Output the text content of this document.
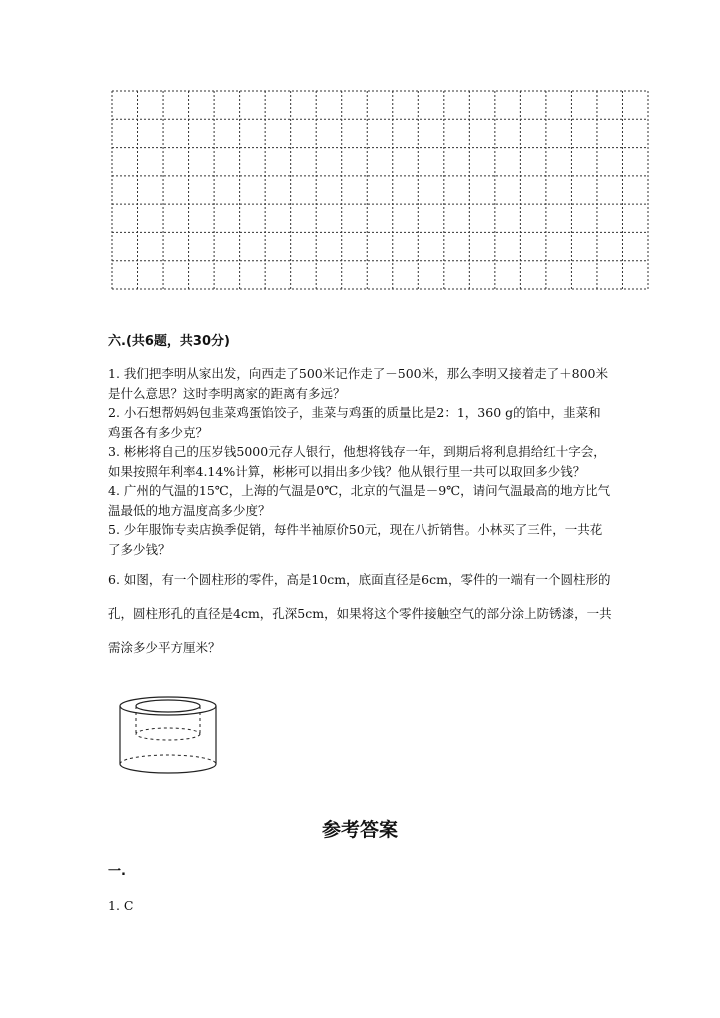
六.(共6题，共30分)

1. 我们把李明从家出发，向西走了500米记作走了－500米，那么李明又接着走了＋800米是什么意思？这时李明离家的距离有多远？

2. 小石想帮妈妈包韭菜鸡蛋馅饺子，韭菜与鸡蛋的质量比是2：1，360 g的馅中，韭菜和鸡蛋各有多少克？

3. 彬彬将自己的压岁钱5000元存人银行，他想将钱存一年，到期后将利息捐给红十字会，如果按照年利率4.14%计算，彬彬可以捐出多少钱？他从银行里一共可以取回多少钱？

4. 广州的气温的15℃，上海的气温是0℃，北京的气温是－9℃，请问气温最高的地方比气温最低的地方温度高多少度？

5. 少年服饰专卖店换季促销，每件半袖原价50元，现在八折销售。小林买了三件，一共花了多少钱？

6. 如图，有一个圆柱形的零件，高是10cm，底面直径是6cm，零件的一端有一个圆柱形的孔，圆柱形孔的直径是4cm，孔深5cm，如果将这个零件接触空气的部分涂上防锈漆，一共需涂多少平方厘米？

参考答案
一.
1. C
